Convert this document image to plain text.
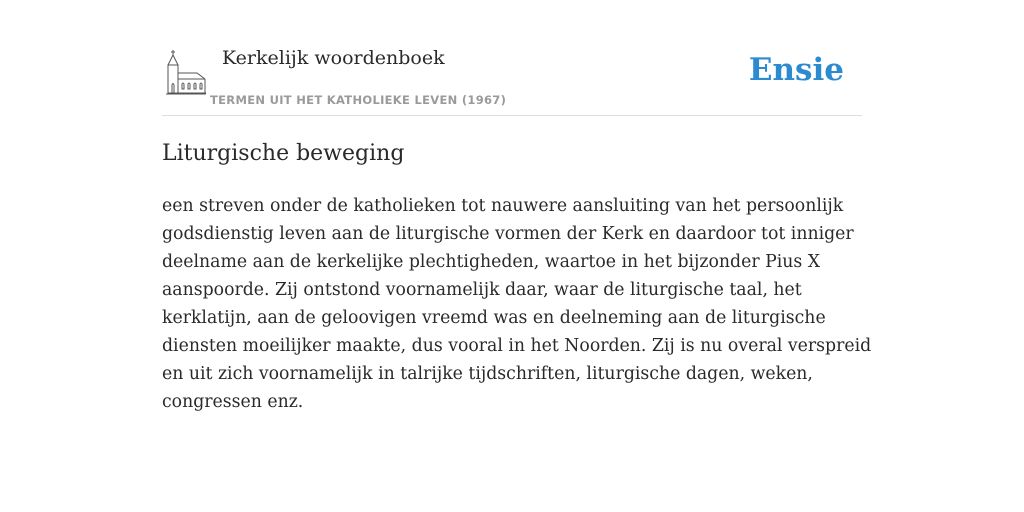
Kerkelijk woordenboek
TERMEN UIT HET KATHOLIEKE LEVEN (1967)
Ensie
Liturgische beweging

een streven onder de katholieken tot nauwere aansluiting van het persoonlijk
godsdienstig leven aan de liturgische vormen der Kerk en daardoor tot inniger
deelname aan de kerkelijke plechtigheden, waartoe in het bijzonder Pius X
aanspoorde. Zij ontstond voornamelijk daar, waar de liturgische taal, het
kerklatijn, aan de geloovigen vreemd was en deelneming aan de liturgische
diensten moeilijker maakte, dus vooral in het Noorden. Zij is nu overal verspreid
en uit zich voornamelijk in talrijke tijdschriften, liturgische dagen, weken,
congressen enz.
